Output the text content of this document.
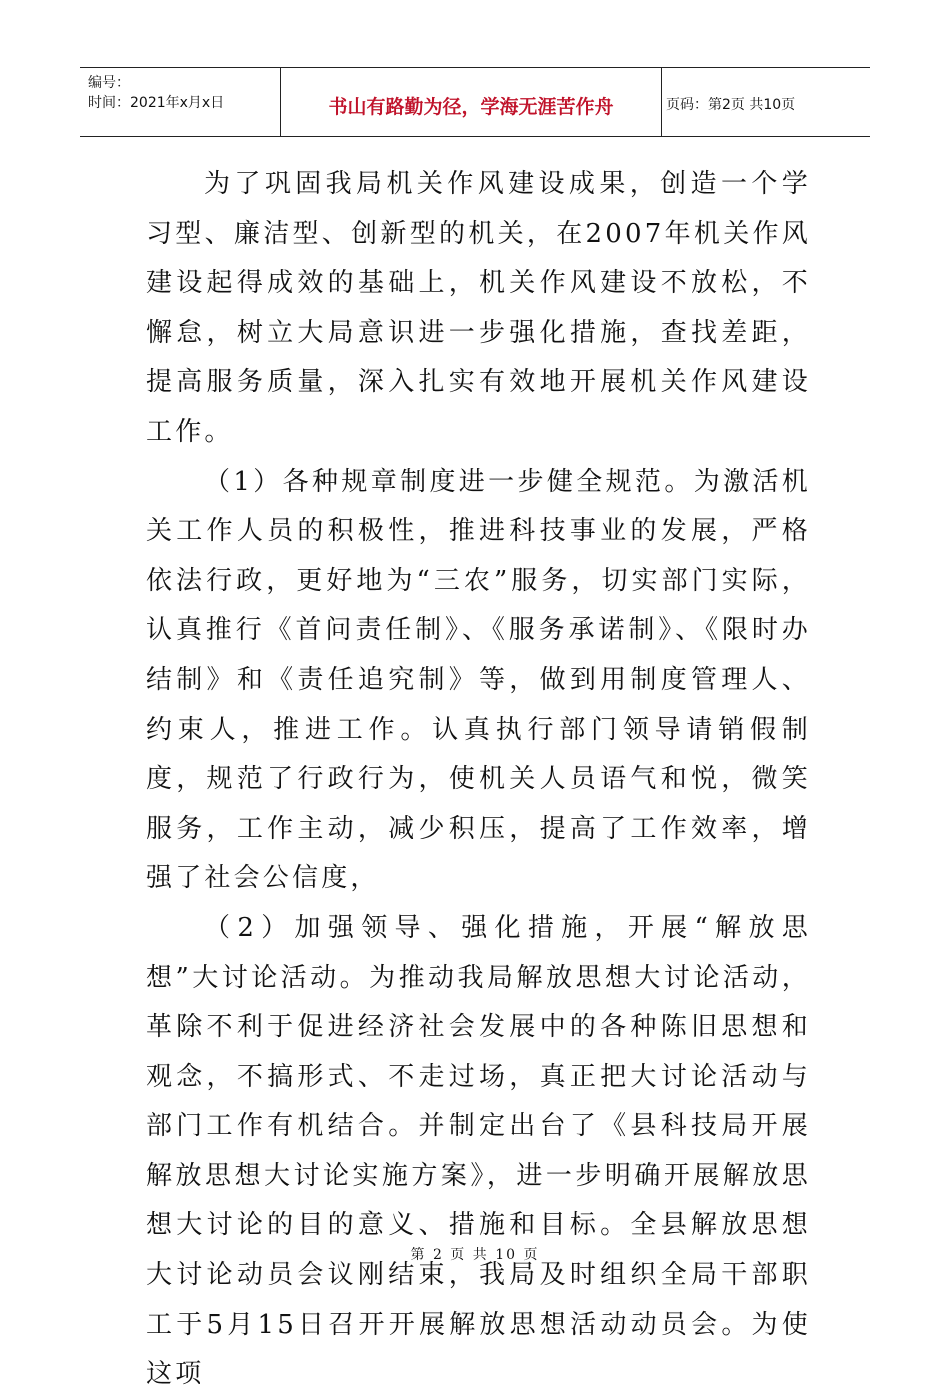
编号：
时间：2021年x月x日	书山有路勤为径，学海无涯苦作舟	页码：第2页 共10页

为了巩固我局机关作风建设成果，创造一个学习型、廉洁型、创新型的机关，在2007年机关作风建设起得成效的基础上，机关作风建设不放松，不懈怠，树立大局意识进一步强化措施，查找差距，提高服务质量，深入扎实有效地开展机关作风建设工作。

（1）各种规章制度进一步健全规范。为激活机关工作人员的积极性，推进科技事业的发展，严格依法行政，更好地为“三农”服务，切实部门实际，认真推行《首问责任制》、《服务承诺制》、《限时办结制》和《责任追究制》等，做到用制度管理人、约束人，推进工作。认真执行部门领导请销假制度，规范了行政行为，使机关人员语气和悦，微笑服务，工作主动，减少积压，提高了工作效率，增强了社会公信度，

（2）加强领导、强化措施，开展“解放思想”大讨论活动。为推动我局解放思想大讨论活动，革除不利于促进经济社会发展中的各种陈旧思想和观念，不搞形式、不走过场，真正把大讨论活动与部门工作有机结合。并制定出台了《县科技局开展解放思想大讨论实施方案》，进一步明确开展解放思想大讨论的目的意义、措施和目标。全县解放思想大讨论动员会议刚结束，我局及时组织全局干部职工于5月15日召开开展解放思想活动动员会。为使这项

第 2 页 共 10 页
